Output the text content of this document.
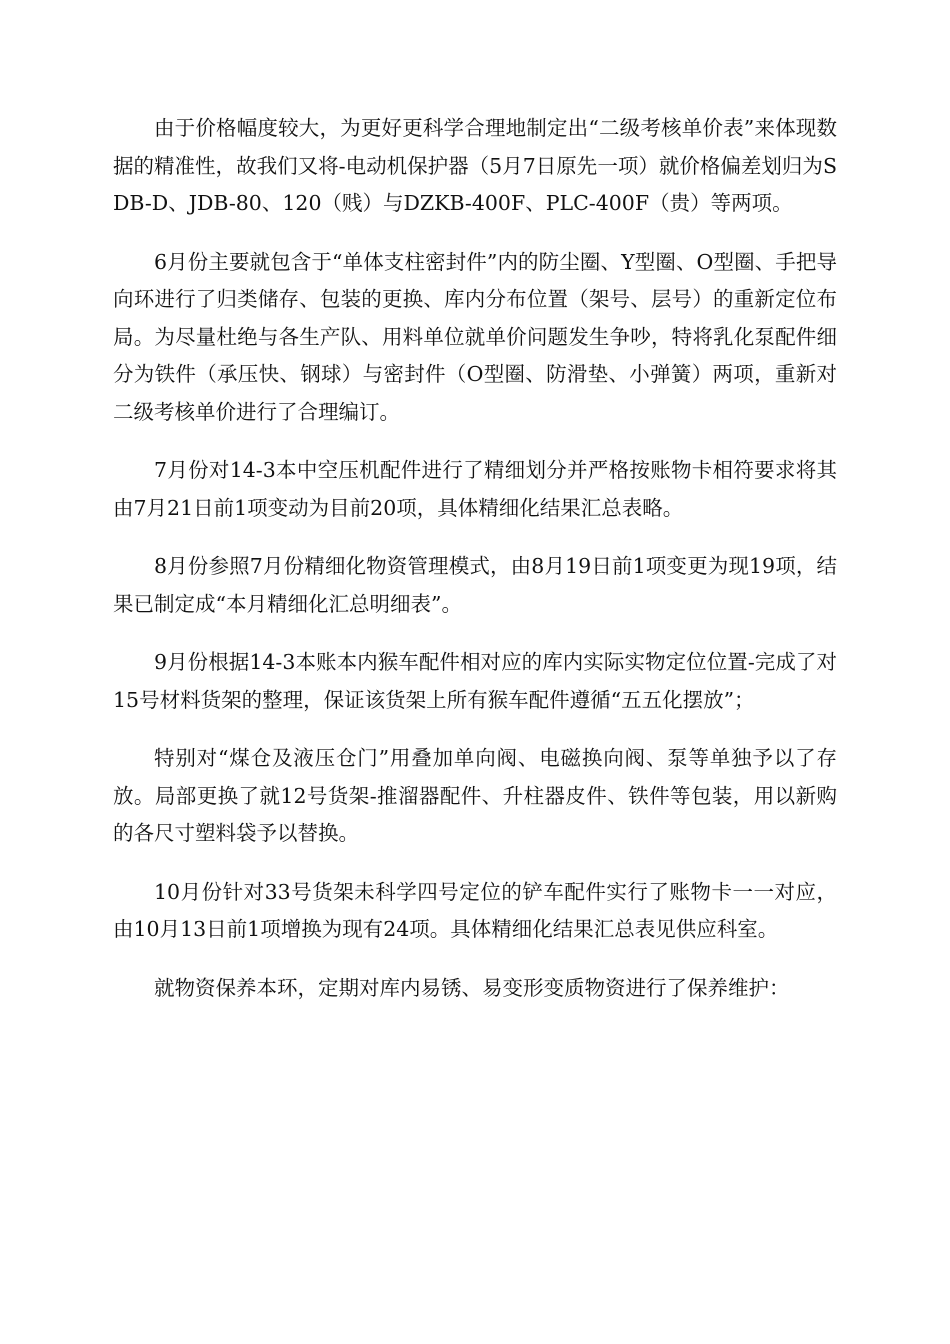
由于价格幅度较大，为更好更科学合理地制定出“二级考核单价表”来体现数据的精准性，故我们又将-电动机保护器（5月7日原先一项）就价格偏差划归为SDB-D、JDB-80、120（贱）与DZKB-400F、PLC-400F（贵）等两项。

6月份主要就包含于“单体支柱密封件”内的防尘圈、Y型圈、O型圈、手把导向环进行了归类储存、包装的更换、库内分布位置（架号、层号）的重新定位布局。为尽量杜绝与各生产队、用料单位就单价问题发生争吵，特将乳化泵配件细分为铁件（承压快、钢球）与密封件（O型圈、防滑垫、小弹簧）两项，重新对二级考核单价进行了合理编订。

7月份对14-3本中空压机配件进行了精细划分并严格按账物卡相符要求将其由7月21日前1项变动为目前20项，具体精细化结果汇总表略。

8月份参照7月份精细化物资管理模式，由8月19日前1项变更为现19项，结果已制定成“本月精细化汇总明细表”。

9月份根据14-3本账本内猴车配件相对应的库内实际实物定位位置-完成了对15号材料货架的整理，保证该货架上所有猴车配件遵循“五五化摆放”；

特别对“煤仓及液压仓门”用叠加单向阀、电磁换向阀、泵等单独予以了存放。局部更换了就12号货架-推溜器配件、升柱器皮件、铁件等包装，用以新购的各尺寸塑料袋予以替换。

10月份针对33号货架未科学四号定位的铲车配件实行了账物卡一一对应，由10月13日前1项增换为现有24项。具体精细化结果汇总表见供应科室。

就物资保养本环，定期对库内易锈、易变形变质物资进行了保养维护：
